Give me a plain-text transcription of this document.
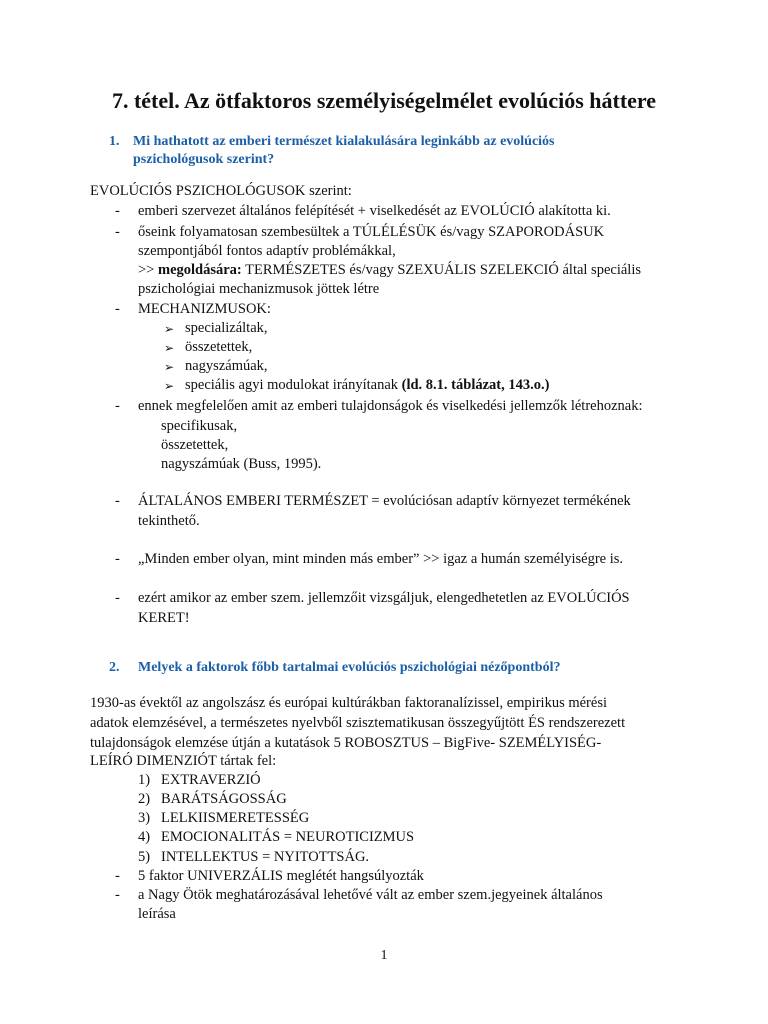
7. tétel. Az ötfaktoros személyiségelmélet evolúciós háttere
1. Mi hathatott az emberi természet kialakulására leginkább az evolúciós
pszichológusok szerint?
EVOLÚCIÓS PSZICHOLÓGUSOK szerint:
- emberi szervezet általános felépítését + viselkedését az EVOLÚCIÓ alakította ki.
- őseink folyamatosan szembesültek a TÚLÉLÉSÜK és/vagy SZAPORODÁSUK
szempontjából fontos adaptív problémákkal,
>> megoldására: TERMÉSZETES és/vagy SZEXUÁLIS SZELEKCIÓ által speciális
pszichológiai mechanizmusok jöttek létre
- MECHANIZMUSOK:
➢ specializáltak,
➢ összetettek,
➢ nagyszámúak,
➢ speciális agyi modulokat irányítanak (ld. 8.1. táblázat, 143.o.)
- ennek megfelelően amit az emberi tulajdonságok és viselkedési jellemzők létrehoznak:
specifikusak,
összetettek,
nagyszámúak (Buss, 1995).
- ÁLTALÁNOS EMBERI TERMÉSZET = evolúciósan adaptív környezet termékének
tekinthető.
- „Minden ember olyan, mint minden más ember” >> igaz a humán személyiségre is.
- ezért amikor az ember szem. jellemzőit vizsgáljuk, elengedhetetlen az EVOLÚCIÓS
KERET!
2. Melyek a faktorok főbb tartalmai evolúciós pszichológiai nézőpontból?
1930-as évektől az angolszász és európai kultúrákban faktoranalízissel, empirikus mérési
adatok elemzésével, a természetes nyelvből szisztematikusan összegyűjtött ÉS rendszerezett
tulajdonságok elemzése útján a kutatások 5 ROBOSZTUS – BigFive- SZEMÉLYISÉG-
LEÍRÓ DIMENZIÓT tártak fel:
1) EXTRAVERZIÓ
2) BARÁTSÁGOSSÁG
3) LELKIISMERETESSÉG
4) EMOCIONALITÁS = NEUROTICIZMUS
5) INTELLEKTUS = NYITOTTSÁG.
- 5 faktor UNIVERZÁLIS meglétét hangsúlyozták
- a Nagy Ötök meghatározásával lehetővé vált az ember szem.jegyeinek általános
leírása
1
